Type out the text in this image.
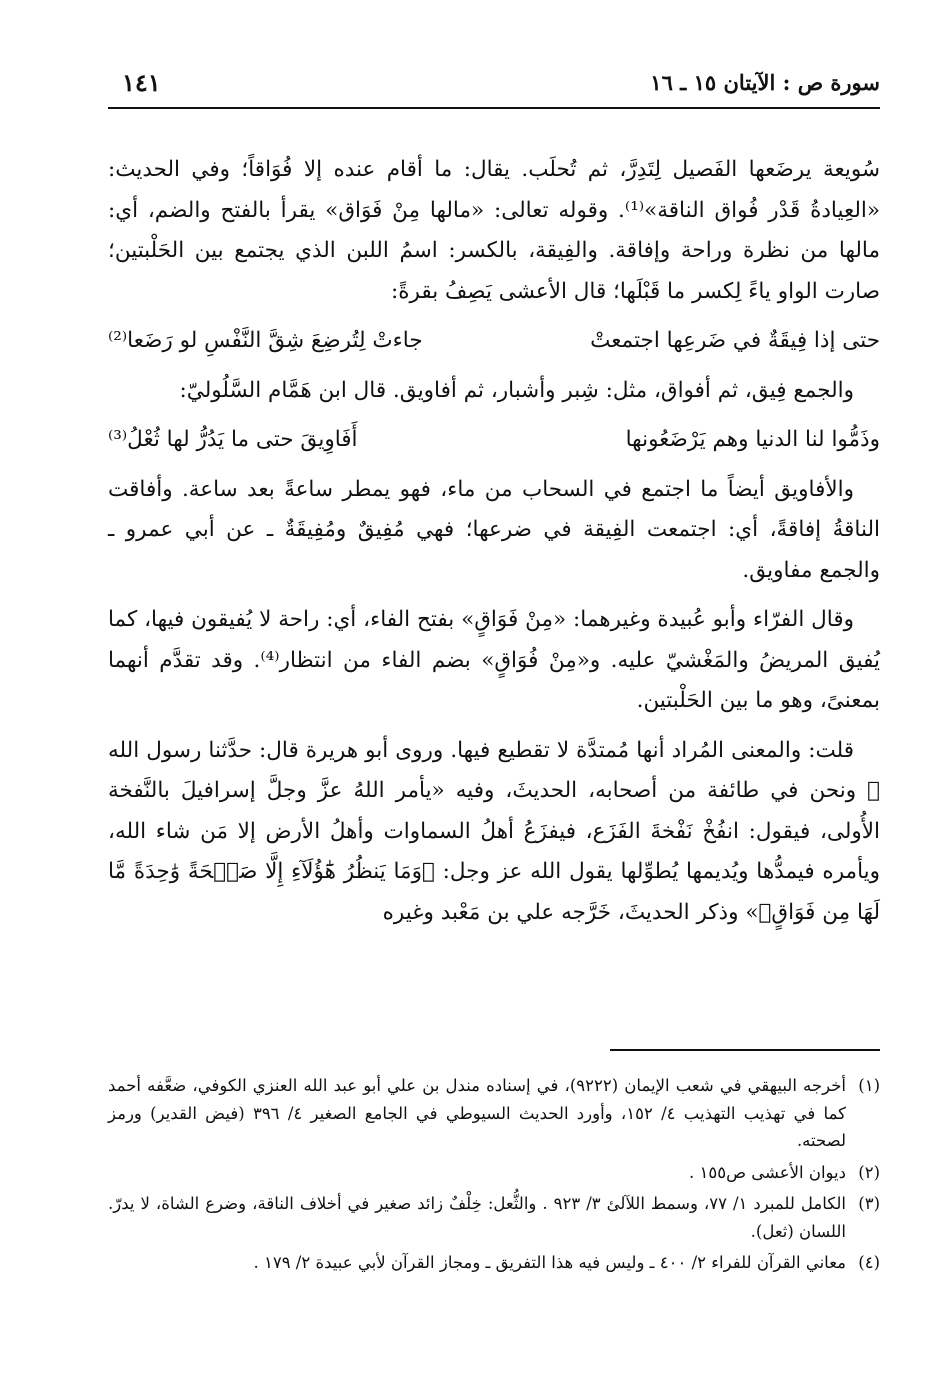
سورة ص : الآيتان ١٥ ـ ١٦
١٤١

سُويعة يرضَعها الفَصيل لِتَدِرَّ، ثم تُحلَب. يقال: ما أقام عنده إلا فُوَاقاً؛ وفي الحديث: «العِيادةُ قَدْر فُواق الناقة»⁽¹⁾. وقوله تعالى: «مالها مِنْ فَوَاق» يقرأ بالفتح والضم، أي: مالها من نظرة وراحة وإفاقة. والفِيقة، بالكسر: اسمُ اللبن الذي يجتمع بين الحَلْبتين؛ صارت الواو ياءً لِكسر ما قَبْلَها؛ قال الأعشى يَصِفُ بقرةً:

حتى إذا فِيقَةٌ في ضَرعِها اجتمعتْ
جاءتْ لِتُرضِعَ شِقَّ النَّفْسِ لو رَضَعا⁽²⁾

والجمع فِيق، ثم أفواق، مثل: شِبر وأشبار، ثم أفاويق. قال ابن هَمَّام السَّلُوليّ:

وذَمُّوا لنا الدنيا وهم يَرْضَعُونها
أَفَاوِيقَ حتى ما يَدُرُّ لها ثُعْلُ⁽³⁾

والأفاويق أيضاً ما اجتمع في السحاب من ماء، فهو يمطر ساعةً بعد ساعة. وأفاقت الناقةُ إفاقةً، أي: اجتمعت الفِيقة في ضرعها؛ فهي مُفِيقٌ ومُفِيقَةٌ ـ عن أبي عمرو ـ والجمع مفاويق.

وقال الفرّاء وأبو عُبيدة وغيرهما: «مِنْ فَوَاقٍ» بفتح الفاء، أي: راحة لا يُفيقون فيها، كما يُفيق المريضُ والمَغْشيّ عليه. و«مِنْ فُوَاقٍ» بضم الفاء من انتظار⁽⁴⁾. وقد تقدَّم أنهما بمعنىً، وهو ما بين الحَلْبتين.

قلت: والمعنى المُراد أنها مُمتدَّة لا تقطيع فيها. وروى أبو هريرة قال: حدَّثنا رسول الله ﷺ ونحن في طائفة من أصحابه، الحديثَ، وفيه «يأمر اللهُ عزَّ وجلَّ إسرافيلَ بالنَّفخة الأُولى، فيقول: انفُخْ نَفْخةَ الفَزَع، فيفزَعُ أهلُ السماوات وأهلُ الأرض إلا مَن شاء الله، ويأمره فيمدُّها ويُديمها يُطوِّلها يقول الله عز وجل: ﴿وَمَا يَنظُرُ هَٰٓؤُلَآءِ إِلَّا صَيۡحَةً وَٰحِدَةً مَّا لَهَا مِن فَوَاقٍ﴾» وذكر الحديثَ، خَرَّجه علي بن مَعْبد وغيره

(١)
أخرجه البيهقي في شعب الإيمان (٩٢٢٢)، في إسناده مندل بن علي أبو عبد الله العنزي الكوفي، ضعَّفه أحمد كما في تهذيب التهذيب ٤/ ١٥٢، وأورد الحديث السيوطي في الجامع الصغير ٤/ ٣٩٦ (فيض القدير) ورمز لصحته.
(٢)
ديوان الأعشى ص١٥٥ .
(٣)
الكامل للمبرد ١/ ٧٧، وسمط اللآلئ ٣/ ٩٢٣ . والثُّعل: خِلْفٌ زائد صغير في أخلاف الناقة، وضرع الشاة، لا يدرّ. اللسان (ثعل).
(٤)
معاني القرآن للفراء ٢/ ٤٠٠ ـ وليس فيه هذا التفريق ـ ومجاز القرآن لأبي عبيدة ٢/ ١٧٩ .
